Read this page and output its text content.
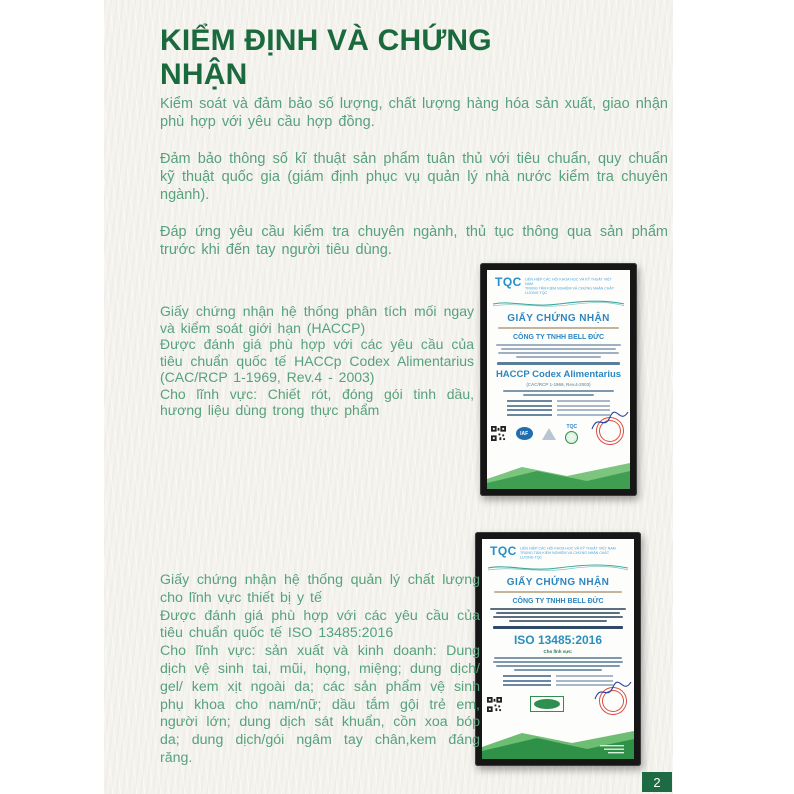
KIỂM ĐỊNH VÀ CHỨNG NHẬN

Kiểm soát và đảm bảo số lượng, chất lượng hàng hóa sản xuất, giao nhận phù hợp với yêu cầu hợp đồng.

Đảm bảo thông số kĩ thuật sản phẩm tuân thủ với tiêu chuẩn, quy chuẩn kỹ thuật quốc gia (giám định phục vụ quản lý nhà nước kiểm tra chuyên ngành).

Đáp ứng yêu cầu kiểm tra chuyên ngành, thủ tục thông qua sản phẩm trước khi đến tay người tiêu dùng.

TQC LIÊN HIỆP CÁC HỘI KHOA HỌC VÀ KỸ THUẬT VIỆT NAM
TRUNG TÂM KIỂM NGHIỆM VÀ CHỨNG NHẬN CHẤT LƯỢNG TQC
GIẤY CHỨNG NHẬN
CÔNG TY TNHH BELL ĐỨC
HACCP Codex Alimentarius
(CAC/RCP 1-1969, Rev.4-2003)
IAF
TQC
Giấy chứng nhận hệ thống phân tích mối ngay và kiểm soát giới hạn (HACCP)
Được đánh giá phù hợp với các yêu cầu của tiêu chuẩn quốc tế HACCp Codex Alimentarius (CAC/RCP 1-1969, Rev.4 - 2003)
Cho lĩnh vực: Chiết rót, đóng gói tinh dầu, hương liệu dùng trong thực phẩm
TQC LIÊN HIỆP CÁC HỘI KHOA HỌC VÀ KỸ THUẬT VIỆT NAM
TRUNG TÂM KIỂM NGHIỆM VÀ CHỨNG NHẬN CHẤT LƯỢNG TQC
GIẤY CHỨNG NHẬN
CÔNG TY TNHH BELL ĐỨC
ISO 13485:2016
Cho lĩnh vực:
Giấy chứng nhận hệ thống quản lý chất lượng cho lĩnh vực thiết bị y tế
Được đánh giá phù hợp với các yêu cầu của tiêu chuẩn quốc tế ISO 13485:2016
Cho lĩnh vực: sản xuất và kinh doanh: Dung dịch vệ sinh tai, mũi, họng, miệng; dung dịch/ gel/ kem xịt ngoài da; các sản phẩm vệ sinh phụ khoa cho nam/nữ; dầu tắm gội trẻ em, người lớn; dung dịch sát khuẩn, cồn xoa bóp da; dung dịch/gói ngâm tay chân,kem đáng răng.
2
